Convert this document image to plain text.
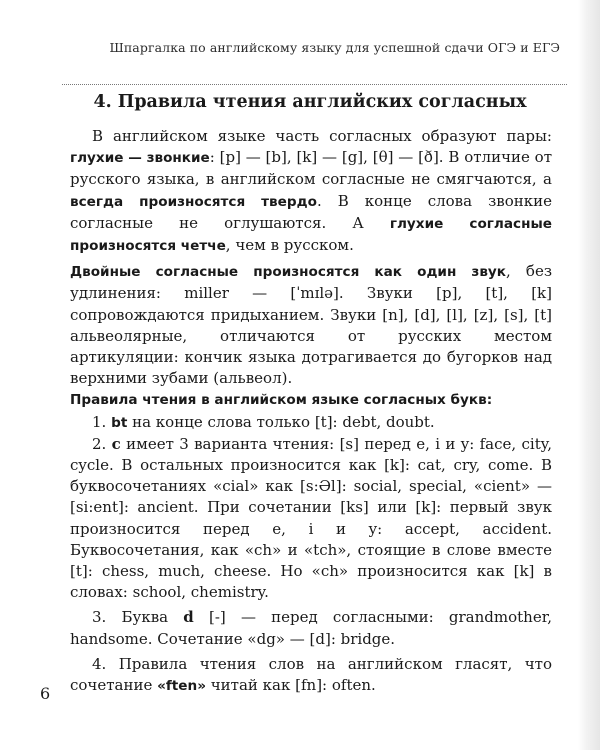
Шпаргалка по английскому языку для успешной сдачи ОГЭ и ЕГЭ
4. Правила чтения английских согласных

В английском языке часть согласных образуют пары: глухие — звонкие: [p] — [b], [k] — [g], [θ] — [ð]. В отличие от русского языка, в английском согласные не смягчаются, а всегда произносятся твердо. В конце слова звонкие согласные не оглушаются. А глухие согласные произносятся четче, чем в русском.

Двойные согласные произносятся как один звук, без удлинения: miller — [ˈmɪlə]. Звуки [p], [t], [k] сопровождаются придыханием. Звуки [n], [d], [l], [z], [s], [t] альвеолярные, отличаются от русских местом артикуляции: кончик языка дотрагивается до бугорков над верхними зубами (альвеол).

Правила чтения в английском языке согласных букв:

1. bt на конце слова только [t]: debt, doubt.

2. c имеет 3 варианта чтения: [s] перед e, i и y: face, city, cycle. В остальных произносится как [k]: cat, cry, come. В буквосочетаниях «cial» как [s:Əl]: social, special, «cient» — [si:ent]: ancient. При сочетании [ks] или [k]: первый звук произносится перед e, i и y: accept, accident. Буквосочетания, как «ch» и «tch», стоящие в слове вместе [t]: chess, much, cheese. Но «ch» произносится как [k] в словах: school, chemistry.

3. Буква d [-] — перед согласными: grandmother, handsome. Сочетание «dg» — [d]: bridge.

4. Правила чтения слов на английском гласят, что сочетание «ften» читай как [fn]: often.

6
